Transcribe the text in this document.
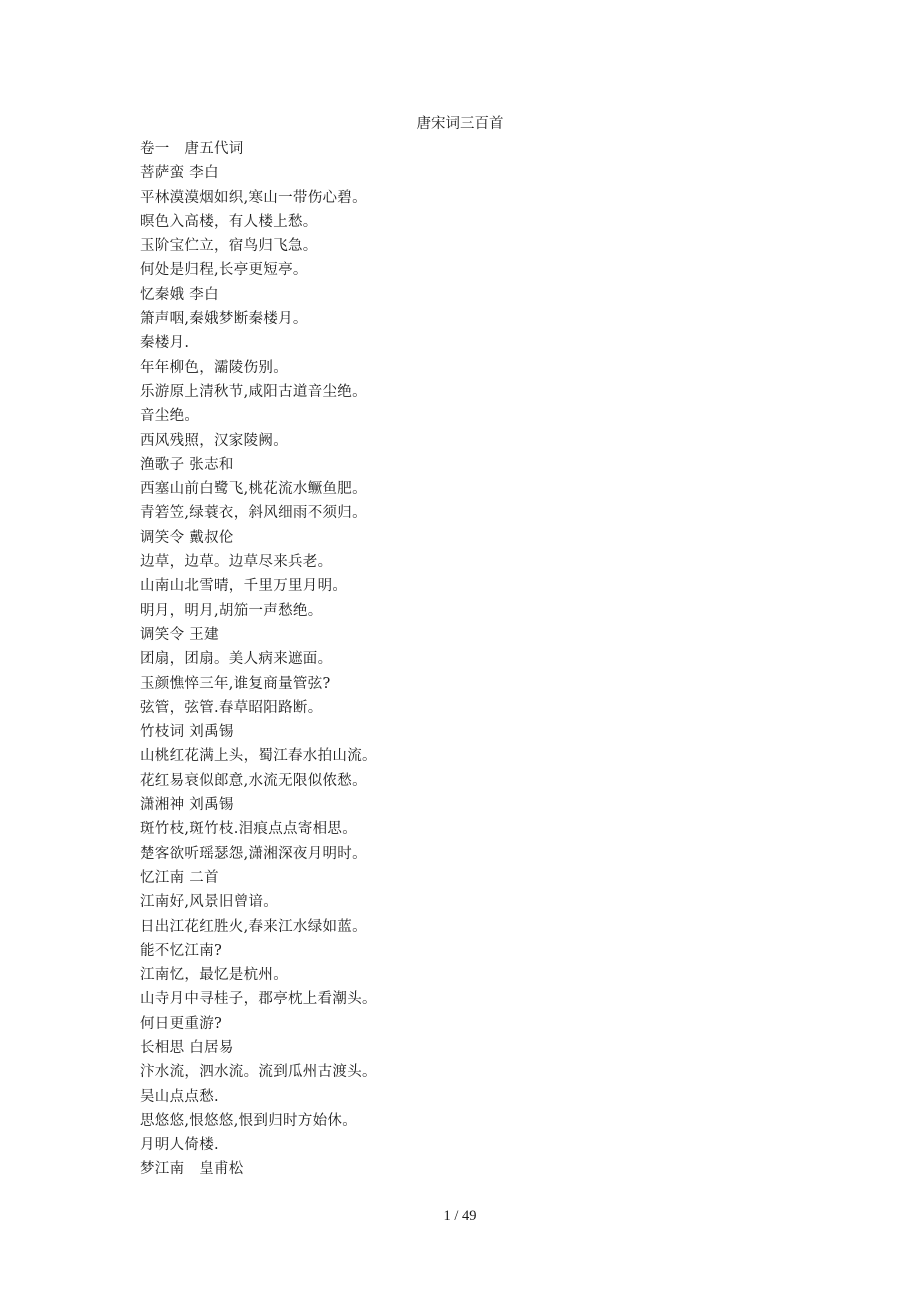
唐宋词三百首
卷一　唐五代词
菩萨蛮 李白
平林漠漠烟如织,寒山一带伤心碧。
暝色入高楼，有人楼上愁。
玉阶宝伫立，宿鸟归飞急。
何处是归程,长亭更短亭。
忆秦娥 李白
箫声咽,秦娥梦断秦楼月。
秦楼月.
年年柳色，灞陵伤别。
乐游原上清秋节,咸阳古道音尘绝。
音尘绝。
西风残照，汉家陵阙。
渔歌子 张志和
西塞山前白鹭飞,桃花流水鳜鱼肥。
青箬笠,绿蓑衣，斜风细雨不须归。
调笑令 戴叔伦
边草，边草。边草尽来兵老。
山南山北雪晴，千里万里月明。
明月，明月,胡笳一声愁绝。
调笑令 王建
团扇，团扇。美人病来遮面。
玉颜憔悴三年,谁复商量管弦?
弦管，弦管.春草昭阳路断。
竹枝词 刘禹锡
山桃红花满上头，蜀江春水拍山流。
花红易衰似郎意,水流无限似侬愁。
潇湘神 刘禹锡
斑竹枝,斑竹枝.泪痕点点寄相思。
楚客欲听瑶瑟怨,潇湘深夜月明时。
忆江南 二首
江南好,风景旧曾谙。
日出江花红胜火,春来江水绿如蓝。
能不忆江南?
江南忆，最忆是杭州。
山寺月中寻桂子，郡亭枕上看潮头。
何日更重游?
长相思 白居易
汴水流，泗水流。流到瓜州古渡头。
吴山点点愁.
思悠悠,恨悠悠,恨到归时方始休。
月明人倚楼.
梦江南　皇甫松
1 / 49
